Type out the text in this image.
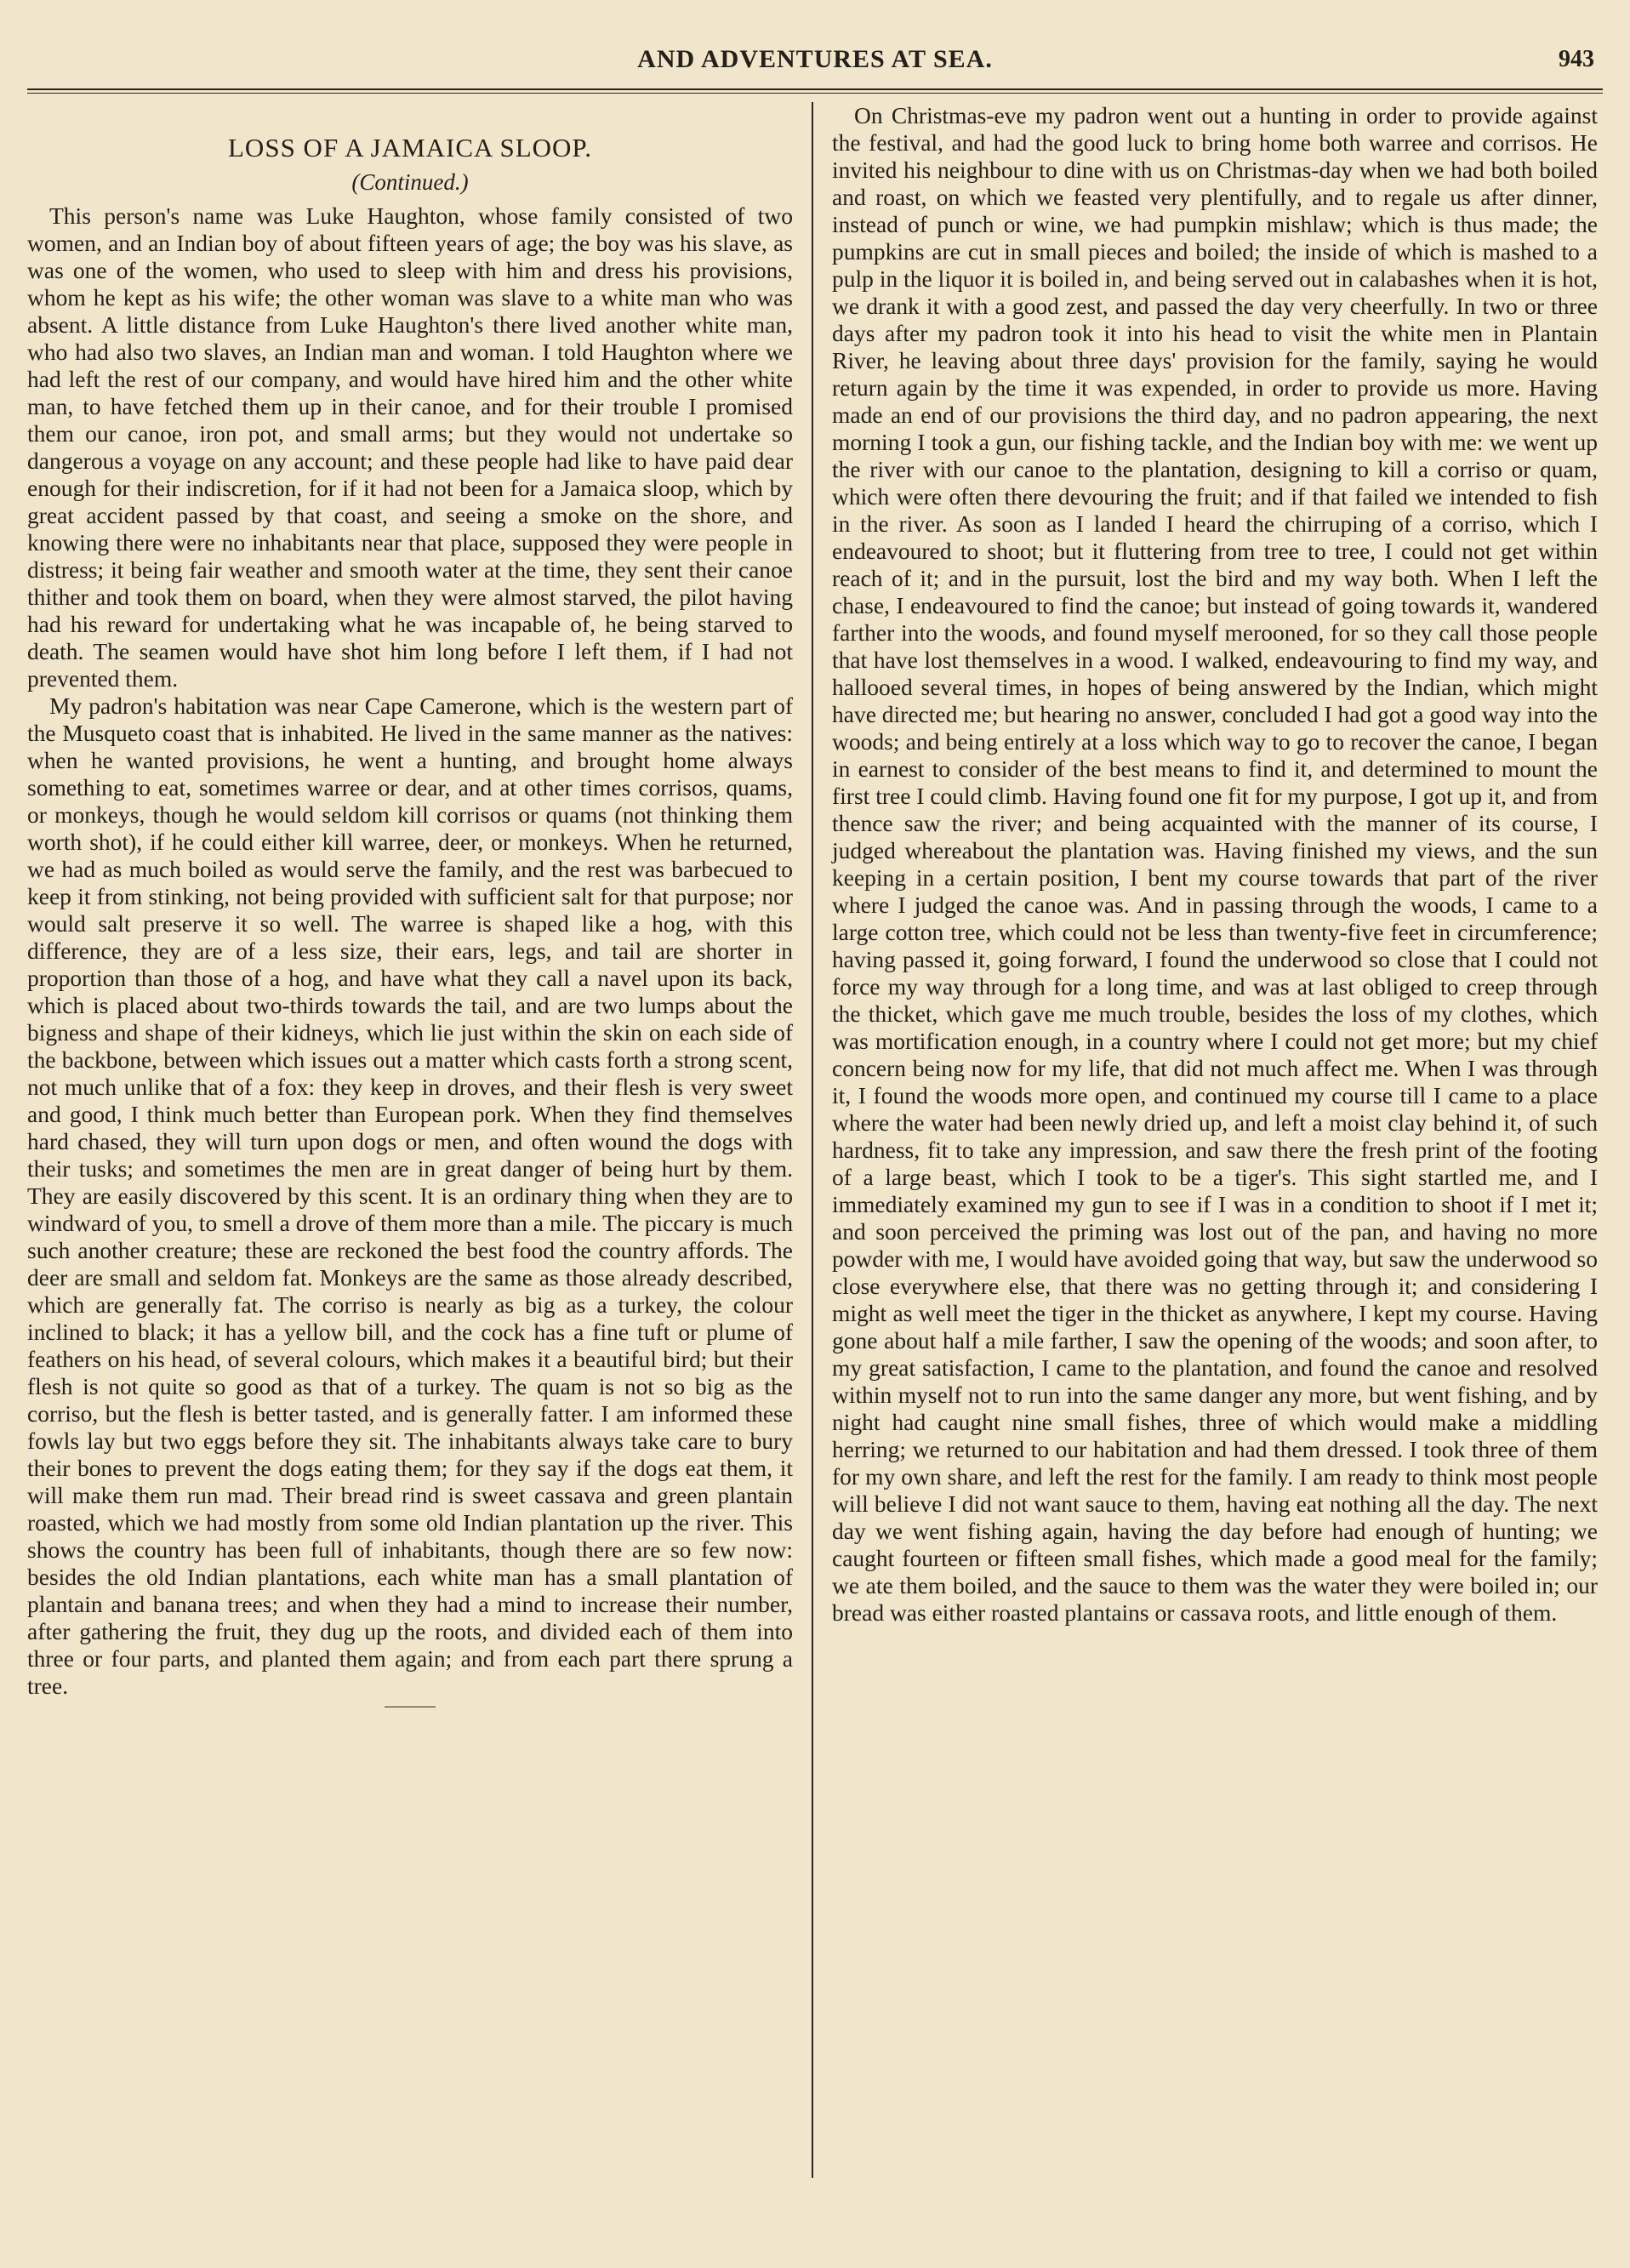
AND ADVENTURES AT SEA.	943
LOSS OF A JAMAICA SLOOP.
(Continued.)

This person's name was Luke Haughton, whose family consisted of two women, and an Indian boy of about fifteen years of age; the boy was his slave, as was one of the women, who used to sleep with him and dress his provisions, whom he kept as his wife; the other woman was slave to a white man who was absent. A little distance from Luke Haughton's there lived another white man, who had also two slaves, an Indian man and woman. I told Haughton where we had left the rest of our company, and would have hired him and the other white man, to have fetched them up in their canoe, and for their trouble I promised them our canoe, iron pot, and small arms; but they would not undertake so dangerous a voyage on any account; and these people had like to have paid dear enough for their indiscretion, for if it had not been for a Jamaica sloop, which by great accident passed by that coast, and seeing a smoke on the shore, and knowing there were no inhabitants near that place, supposed they were people in distress; it being fair weather and smooth water at the time, they sent their canoe thither and took them on board, when they were almost starved, the pilot having had his reward for undertaking what he was incapable of, he being starved to death. The seamen would have shot him long before I left them, if I had not prevented them.

My padron's habitation was near Cape Camerone, which is the western part of the Musqueto coast that is inhabited. He lived in the same manner as the natives: when he wanted provisions, he went a hunting, and brought home always something to eat, sometimes warree or dear, and at other times corrisos, quams, or monkeys, though he would seldom kill corrisos or quams (not thinking them worth shot), if he could either kill warree, deer, or monkeys. When he returned, we had as much boiled as would serve the family, and the rest was barbecued to keep it from stinking, not being provided with sufficient salt for that purpose; nor would salt preserve it so well. The warree is shaped like a hog, with this difference, they are of a less size, their ears, legs, and tail are shorter in proportion than those of a hog, and have what they call a navel upon its back, which is placed about two-thirds towards the tail, and are two lumps about the bigness and shape of their kidneys, which lie just within the skin on each side of the backbone, between which issues out a matter which casts forth a strong scent, not much unlike that of a fox: they keep in droves, and their flesh is very sweet and good, I think much better than European pork. When they find themselves hard chased, they will turn upon dogs or men, and often wound the dogs with their tusks; and sometimes the men are in great danger of being hurt by them. They are easily discovered by this scent. It is an ordinary thing when they are to windward of you, to smell a drove of them more than a mile. The piccary is much such another creature; these are reckoned the best food the country affords. The deer are small and seldom fat. Monkeys are the same as those already described, which are generally fat. The corriso is nearly as big as a turkey, the colour inclined to black; it has a yellow bill, and the cock has a fine tuft or plume of feathers on his head, of several colours, which makes it a beautiful bird; but their flesh is not quite so good as that of a turkey. The quam is not so big as the corriso, but the flesh is better tasted, and is generally fatter. I am informed these fowls lay but two eggs before they sit. The inhabitants always take care to bury their bones to prevent the dogs eating them; for they say if the dogs eat them, it will make them run mad. Their bread rind is sweet cassava and green plantain roasted, which we had mostly from some old Indian plantation up the river. This shows the country has been full of inhabitants, though there are so few now: besides the old Indian plantations, each white man has a small plantation of plantain and banana trees; and when they had a mind to increase their number, after gathering the fruit, they dug up the roots, and divided each of them into three or four parts, and planted them again; and from each part there sprung a tree.

On Christmas-eve my padron went out a hunting in order to provide against the festival, and had the good luck to bring home both warree and corrisos. He invited his neighbour to dine with us on Christmas-day when we had both boiled and roast, on which we feasted very plentifully, and to regale us after dinner, instead of punch or wine, we had pumpkin mishlaw; which is thus made; the pumpkins are cut in small pieces and boiled; the inside of which is mashed to a pulp in the liquor it is boiled in, and being served out in calabashes when it is hot, we drank it with a good zest, and passed the day very cheerfully. In two or three days after my padron took it into his head to visit the white men in Plantain River, he leaving about three days' provision for the family, saying he would return again by the time it was expended, in order to provide us more. Having made an end of our provisions the third day, and no padron appearing, the next morning I took a gun, our fishing tackle, and the Indian boy with me: we went up the river with our canoe to the plantation, designing to kill a corriso or quam, which were often there devouring the fruit; and if that failed we intended to fish in the river. As soon as I landed I heard the chirruping of a corriso, which I endeavoured to shoot; but it fluttering from tree to tree, I could not get within reach of it; and in the pursuit, lost the bird and my way both. When I left the chase, I endeavoured to find the canoe; but instead of going towards it, wandered farther into the woods, and found myself merooned, for so they call those people that have lost themselves in a wood. I walked, endeavouring to find my way, and hallooed several times, in hopes of being answered by the Indian, which might have directed me; but hearing no answer, concluded I had got a good way into the woods; and being entirely at a loss which way to go to recover the canoe, I began in earnest to consider of the best means to find it, and determined to mount the first tree I could climb. Having found one fit for my purpose, I got up it, and from thence saw the river; and being acquainted with the manner of its course, I judged whereabout the plantation was. Having finished my views, and the sun keeping in a certain position, I bent my course towards that part of the river where I judged the canoe was. And in passing through the woods, I came to a large cotton tree, which could not be less than twenty-five feet in circumference; having passed it, going forward, I found the underwood so close that I could not force my way through for a long time, and was at last obliged to creep through the thicket, which gave me much trouble, besides the loss of my clothes, which was mortification enough, in a country where I could not get more; but my chief concern being now for my life, that did not much affect me. When I was through it, I found the woods more open, and continued my course till I came to a place where the water had been newly dried up, and left a moist clay behind it, of such hardness, fit to take any impression, and saw there the fresh print of the footing of a large beast, which I took to be a tiger's. This sight startled me, and I immediately examined my gun to see if I was in a condition to shoot if I met it; and soon perceived the priming was lost out of the pan, and having no more powder with me, I would have avoided going that way, but saw the underwood so close everywhere else, that there was no getting through it; and considering I might as well meet the tiger in the thicket as anywhere, I kept my course. Having gone about half a mile farther, I saw the opening of the woods; and soon after, to my great satisfaction, I came to the plantation, and found the canoe and resolved within myself not to run into the same danger any more, but went fishing, and by night had caught nine small fishes, three of which would make a middling herring; we returned to our habitation and had them dressed. I took three of them for my own share, and left the rest for the family. I am ready to think most people will believe I did not want sauce to them, having eat nothing all the day. The next day we went fishing again, having the day before had enough of hunting; we caught fourteen or fifteen small fishes, which made a good meal for the family; we ate them boiled, and the sauce to them was the water they were boiled in; our bread was either roasted plantains or cassava roots, and little enough of them.
